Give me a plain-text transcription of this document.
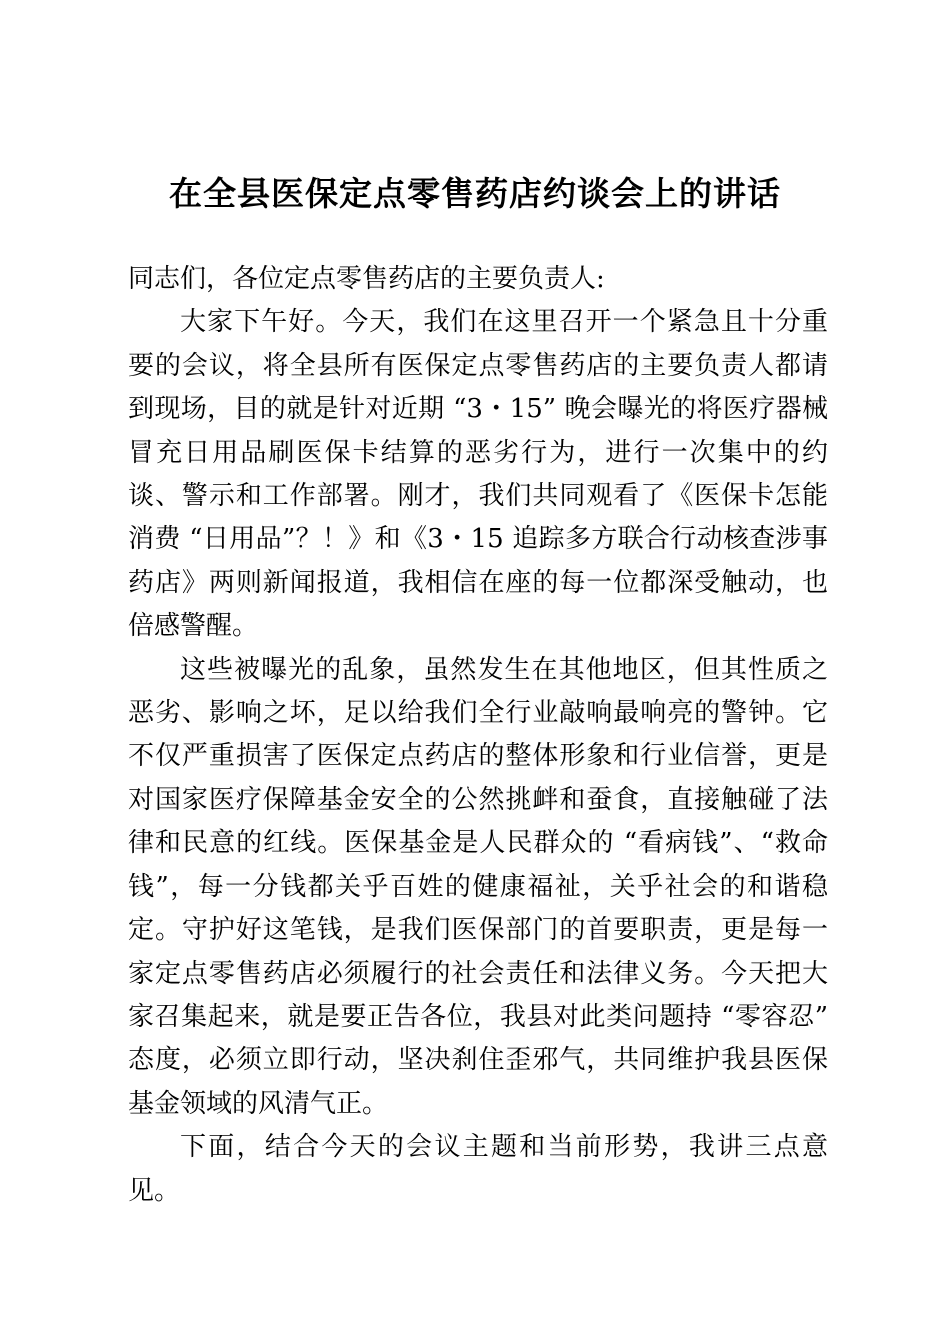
在全县医保定点零售药店约谈会上的讲话

同志们，各位定点零售药店的主要负责人:

大家下午好。今天，我们在这里召开一个紧急且十分重要的会议，将全县所有医保定点零售药店的主要负责人都请到现场，目的就是针对近期 “3・15” 晚会曝光的将医疗器械冒充日用品刷医保卡结算的恶劣行为，进行一次集中的约谈、警示和工作部署。刚才，我们共同观看了《医保卡怎能消费 “日用品”？！》和《3・15 追踪多方联合行动核查涉事药店》两则新闻报道，我相信在座的每一位都深受触动，也倍感警醒。

这些被曝光的乱象，虽然发生在其他地区，但其性质之恶劣、影响之坏，足以给我们全行业敲响最响亮的警钟。它不仅严重损害了医保定点药店的整体形象和行业信誉，更是对国家医疗保障基金安全的公然挑衅和蚕食，直接触碰了法律和民意的红线。医保基金是人民群众的 “看病钱”、“救命钱”，每一分钱都关乎百姓的健康福祉，关乎社会的和谐稳定。守护好这笔钱，是我们医保部门的首要职责，更是每一家定点零售药店必须履行的社会责任和法律义务。今天把大家召集起来，就是要正告各位，我县对此类问题持 “零容忍” 态度，必须立即行动，坚决刹住歪邪气，共同维护我县医保基金领域的风清气正。

下面，结合今天的会议主题和当前形势，我讲三点意见。
